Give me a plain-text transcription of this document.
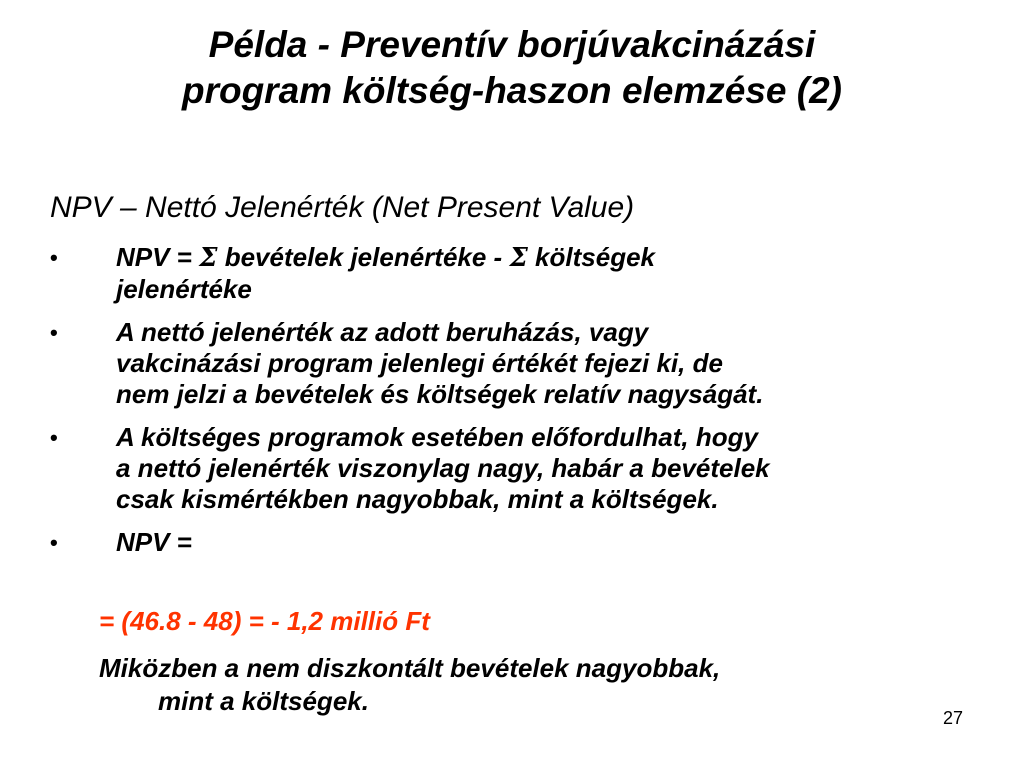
Példa - Preventív borjúvakcinázási
program költség-haszon elemzése (2)
NPV – Nettó Jelenérték (Net Present Value)
• NPV = Σ bevételek jelenértéke - Σ költségek
jelenértéke
• A nettó jelenérték az adott beruházás, vagy
vakcinázási program jelenlegi értékét fejezi ki, de
nem jelzi a bevételek és költségek relatív nagyságát.
• A költséges programok esetében előfordulhat, hogy
a nettó jelenérték viszonylag nagy, habár a bevételek
csak kismértékben nagyobbak, mint a költségek.
• NPV =
= (46.8 - 48) = - 1,2 millió Ft
Miközben a nem diszkontált bevételek nagyobbak,
mint a költségek.
27
